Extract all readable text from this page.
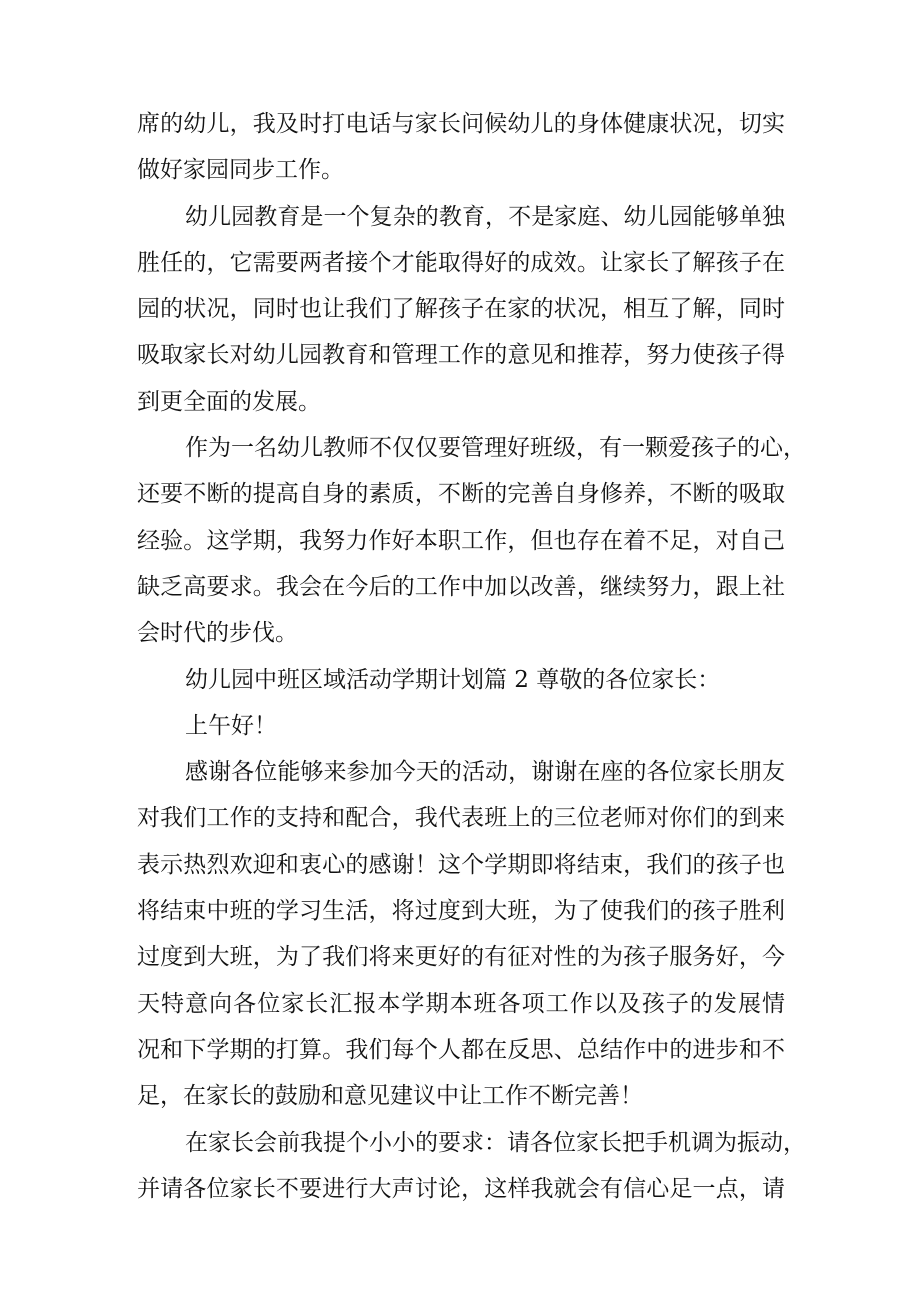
席的幼儿，我及时打电话与家长问候幼儿的身体健康状况，切实
做好家园同步工作。
幼儿园教育是一个复杂的教育，不是家庭、幼儿园能够单独
胜任的，它需要两者接个才能取得好的成效。让家长了解孩子在
园的状况，同时也让我们了解孩子在家的状况，相互了解，同时
吸取家长对幼儿园教育和管理工作的意见和推荐，努力使孩子得
到更全面的发展。
作为一名幼儿教师不仅仅要管理好班级，有一颗爱孩子的心，
还要不断的提高自身的素质，不断的完善自身修养，不断的吸取
经验。这学期，我努力作好本职工作，但也存在着不足，对自己
缺乏高要求。我会在今后的工作中加以改善，继续努力，跟上社
会时代的步伐。
幼儿园中班区域活动学期计划篇 2 尊敬的各位家长：
上午好！
感谢各位能够来参加今天的活动，谢谢在座的各位家长朋友
对我们工作的支持和配合，我代表班上的三位老师对你们的到来
表示热烈欢迎和衷心的感谢！这个学期即将结束，我们的孩子也
将结束中班的学习生活，将过度到大班，为了使我们的孩子胜利
过度到大班，为了我们将来更好的有征对性的为孩子服务好，今
天特意向各位家长汇报本学期本班各项工作以及孩子的发展情
况和下学期的打算。我们每个人都在反思、总结作中的进步和不
足，在家长的鼓励和意见建议中让工作不断完善！
在家长会前我提个小小的要求：请各位家长把手机调为振动，
并请各位家长不要进行大声讨论，这样我就会有信心足一点，请
